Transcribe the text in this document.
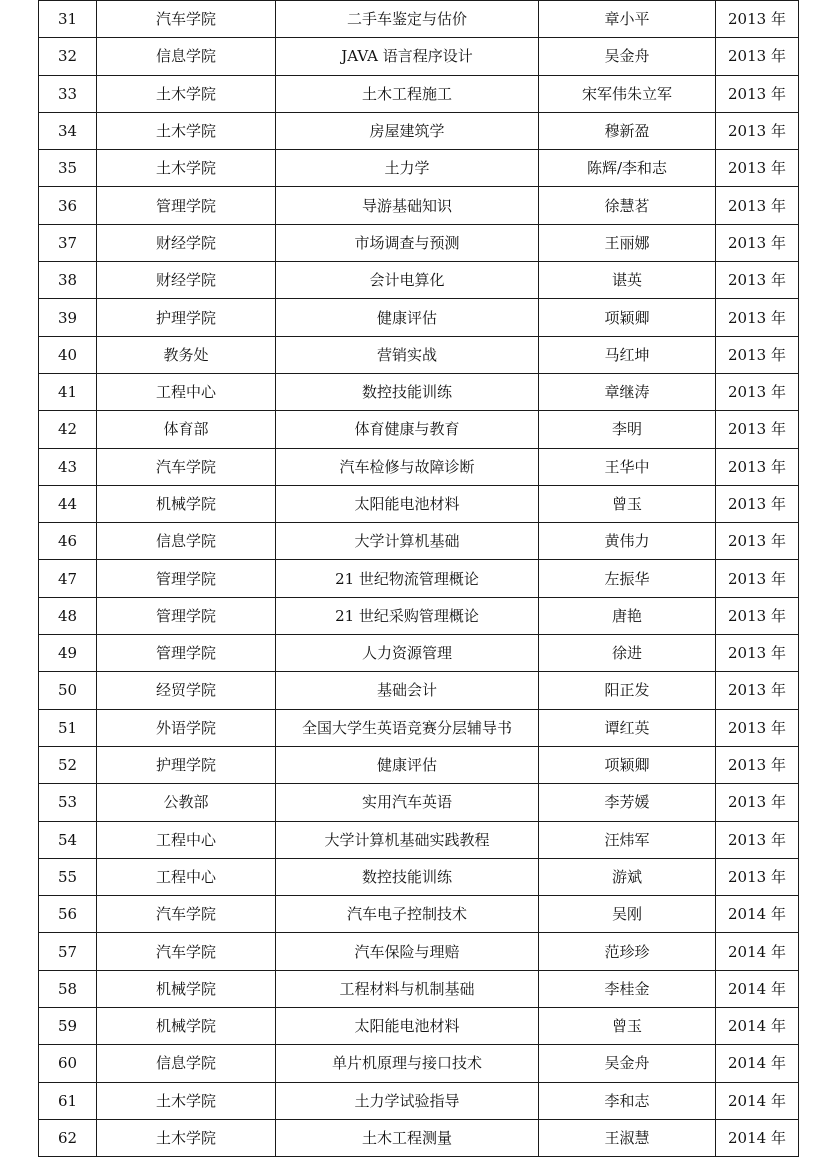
31	汽车学院	二手车鉴定与估价	章小平	2013 年
32	信息学院	JAVA 语言程序设计	吴金舟	2013 年
33	土木学院	土木工程施工	宋军伟朱立军	2013 年
34	土木学院	房屋建筑学	穆新盈	2013 年
35	土木学院	土力学	陈辉/李和志	2013 年
36	管理学院	导游基础知识	徐慧茗	2013 年
37	财经学院	市场调查与预测	王丽娜	2013 年
38	财经学院	会计电算化	谌英	2013 年
39	护理学院	健康评估	项颖卿	2013 年
40	教务处	营销实战	马红坤	2013 年
41	工程中心	数控技能训练	章继涛	2013 年
42	体育部	体育健康与教育	李明	2013 年
43	汽车学院	汽车检修与故障诊断	王华中	2013 年
44	机械学院	太阳能电池材料	曾玉	2013 年
46	信息学院	大学计算机基础	黄伟力	2013 年
47	管理学院	21 世纪物流管理概论	左振华	2013 年
48	管理学院	21 世纪采购管理概论	唐艳	2013 年
49	管理学院	人力资源管理	徐进	2013 年
50	经贸学院	基础会计	阳正发	2013 年
51	外语学院	全国大学生英语竞赛分层辅导书	谭红英	2013 年
52	护理学院	健康评估	项颖卿	2013 年
53	公教部	实用汽车英语	李芳媛	2013 年
54	工程中心	大学计算机基础实践教程	汪炜军	2013 年
55	工程中心	数控技能训练	游斌	2013 年
56	汽车学院	汽车电子控制技术	吴刚	2014 年
57	汽车学院	汽车保险与理赔	范珍珍	2014 年
58	机械学院	工程材料与机制基础	李桂金	2014 年
59	机械学院	太阳能电池材料	曾玉	2014 年
60	信息学院	单片机原理与接口技术	吴金舟	2014 年
61	土木学院	土力学试验指导	李和志	2014 年
62	土木学院	土木工程测量	王淑慧	2014 年
